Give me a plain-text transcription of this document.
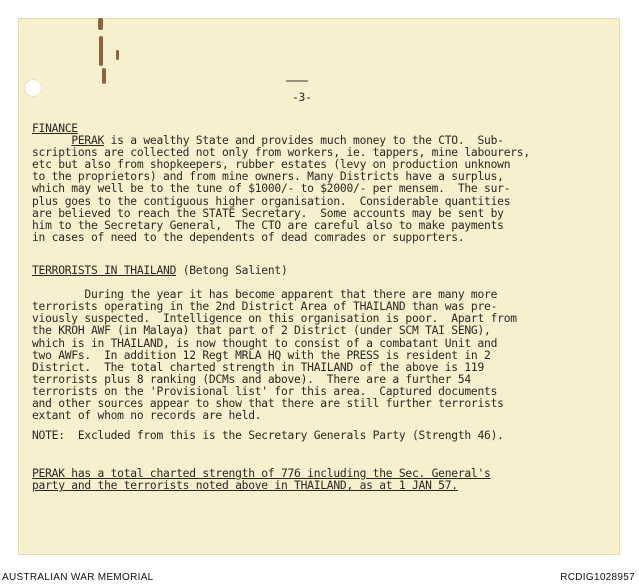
-3-
FINANCE
PERAK is a wealthy State and provides much money to the CTO.  Sub-
scriptions are collected not only from workers, ie. tappers, mine labourers,
etc but also from shopkeepers, rubber estates (levy on production unknown
to the proprietors) and from mine owners. Many Districts have a surplus,
which may well be to the tune of $1000/- to $2000/- per mensem.  The sur-
plus goes to the contiguous higher organisation.  Considerable quantities
are believed to reach the STATE Secretary.  Some accounts may be sent by
him to the Secretary General,  The CTO are careful also to make payments
in cases of need to the dependents of dead comrades or supporters.
TERRORISTS IN THAILAND (Betong Salient)

During the year it has become apparent that there are many more
terrorists operating in the 2nd District Area of THAILAND than was pre-
viously suspected.  Intelligence on this organisation is poor.  Apart from
the KROH AWF (in Malaya) that part of 2 District (under SCM TAI SENG),
which is in THAILAND, is now thought to consist of a combatant Unit and
two AWFs.  In addition 12 Regt MRLA HQ with the PRESS is resident in 2
District.  The total charted strength in THAILAND of the above is 119
terrorists plus 8 ranking (DCMs and above).  There are a further 54
terrorists on the 'Provisional list' for this area.  Captured documents
and other sources appear to show that there are still further terrorists
extant of whom no records are held.
NOTE:  Excluded from this is the Secretary Generals Party (Strength 46).
PERAK has a total charted strength of 776 including the Sec. General's
party and the terrorists noted above in THAILAND, as at 1 JAN 57.
AUSTRALIAN WAR MEMORIAL	RCDIG1028957
